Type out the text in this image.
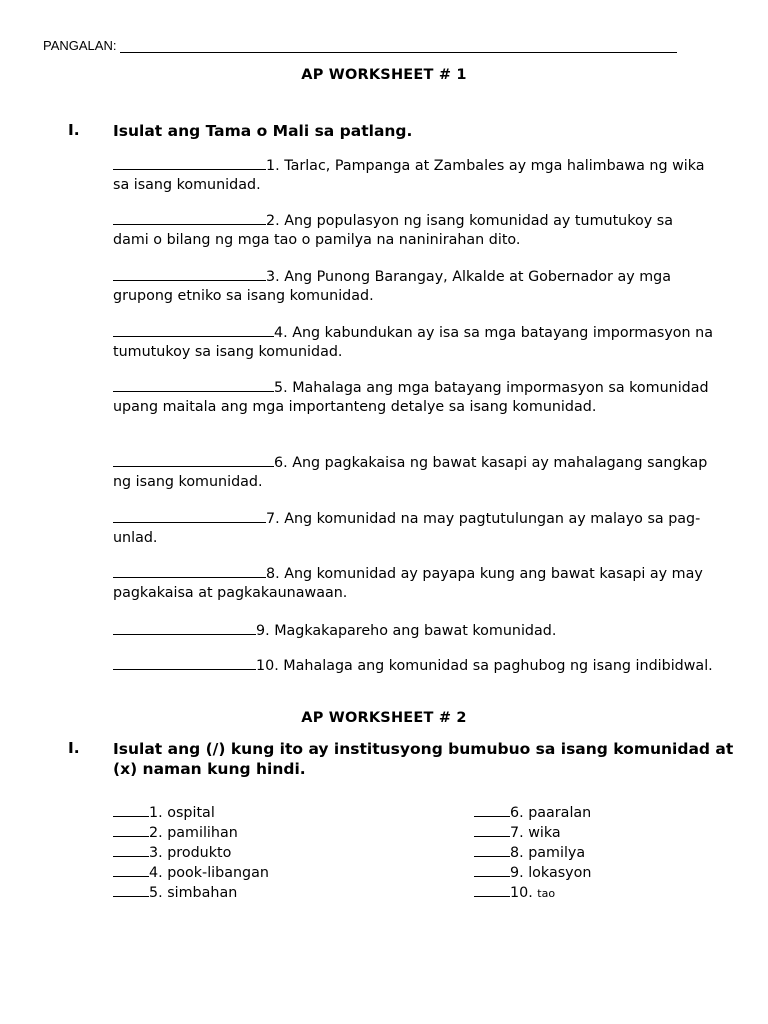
PANGALAN:
AP WORKSHEET # 1
I. Isulat ang Tama o Mali sa patlang.
1. Tarlac, Pampanga at Zambales ay mga halimbawa ng wika sa isang komunidad.
2. Ang populasyon ng isang komunidad ay tumutukoy sa dami o bilang ng mga tao o pamilya na naninirahan dito.
3. Ang Punong Barangay, Alkalde at Gobernador ay mga grupong etniko sa isang komunidad.
4. Ang kabundukan ay isa sa mga batayang impormasyon na tumutukoy sa isang komunidad.
5. Mahalaga ang mga batayang impormasyon sa komunidad upang maitala ang mga importanteng detalye sa isang komunidad.
6. Ang pagkakaisa ng bawat kasapi ay mahalagang sangkap ng isang komunidad.
7. Ang komunidad na may pagtutulungan ay malayo sa pag-unlad.
8. Ang komunidad ay payapa kung ang bawat kasapi ay may pagkakaisa at pagkakaunawaan.
9. Magkakapareho ang bawat komunidad.
10. Mahalaga ang komunidad sa paghubog ng isang indibidwal.
AP WORKSHEET # 2
I. Isulat ang (/) kung ito ay institusyong bumubuo sa isang komunidad at (x) naman kung hindi.
1. ospital
2. pamilihan
3. produkto
4. pook-libangan
5. simbahan
6. paaralan
7. wika
8. pamilya
9. lokasyon
10. tao
